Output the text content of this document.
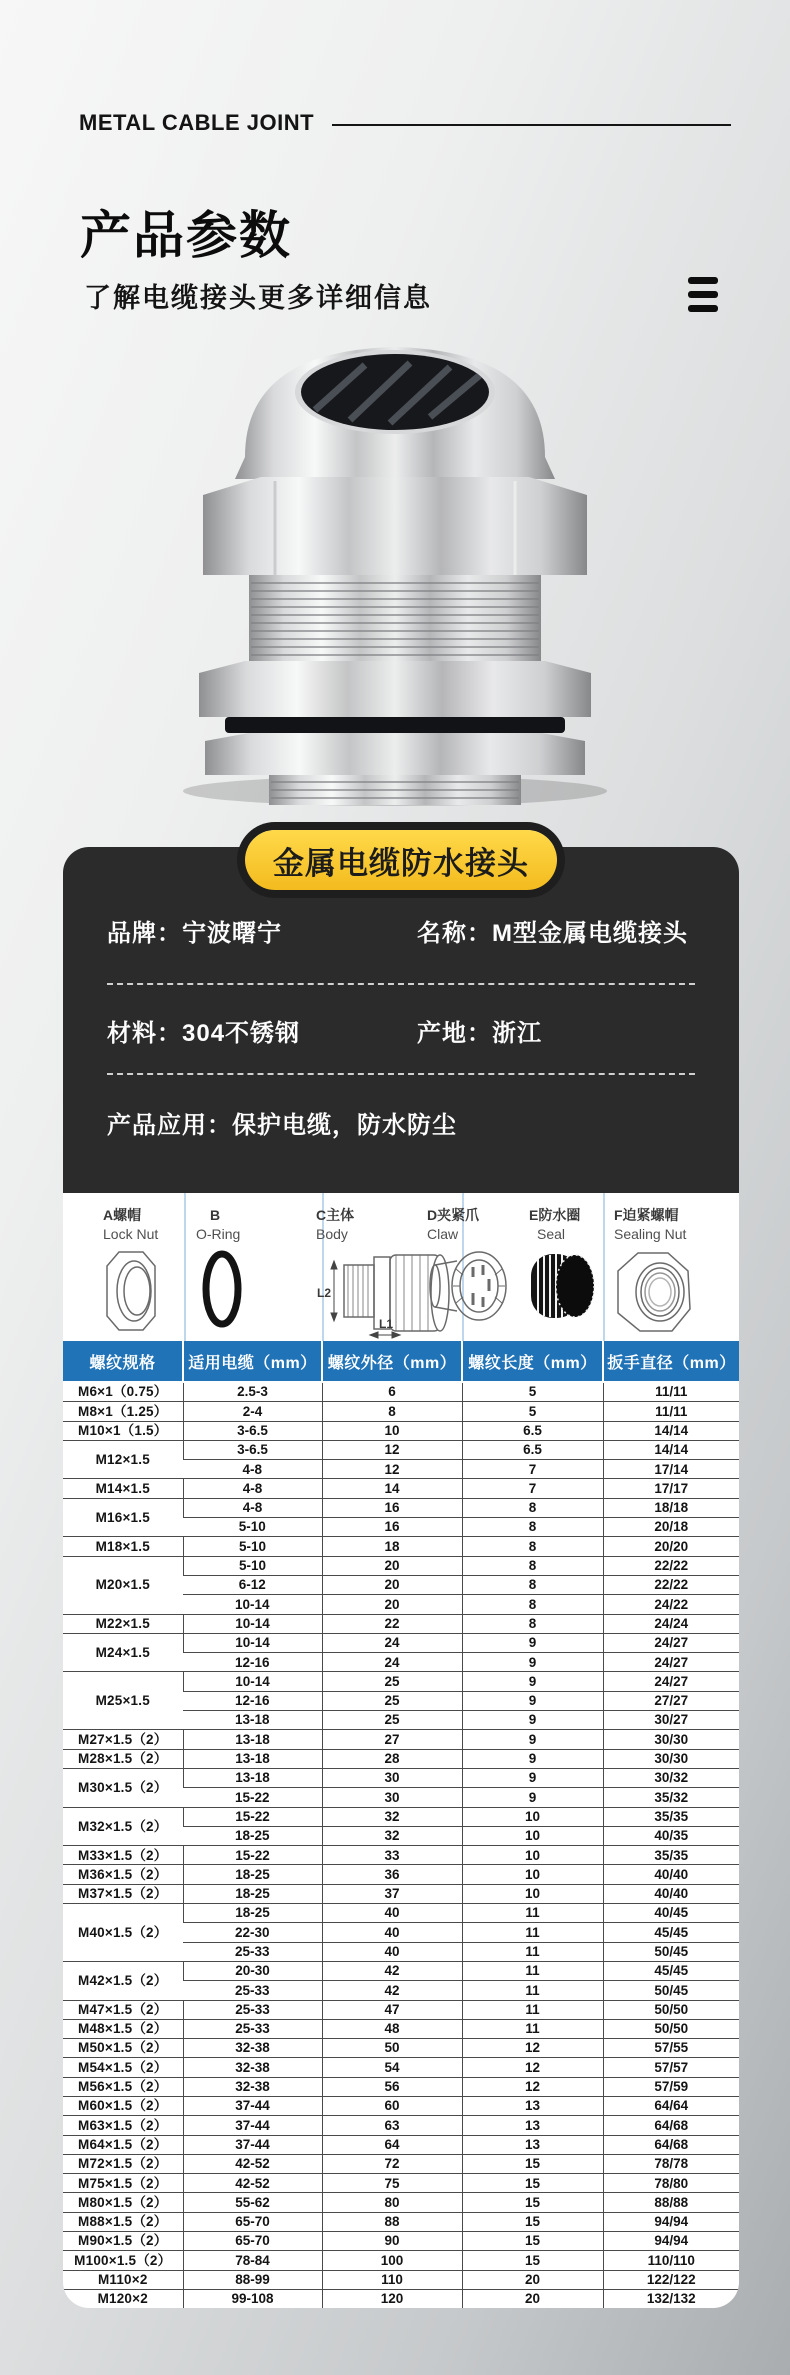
METAL CABLE JOINT
产品参数
了解电缆接头更多详细信息
金属电缆防水接头
品牌：宁波曙宁	名称：M型金属电缆接头
材料：304不锈钢	产地：浙江
产品应用：保护电缆，防水防尘
A螺帽
Lock Nut
B
O-Ring
C主体
Body
L2
L1
D夹紧爪
Claw
E防水圈
Seal
F迫紧螺帽
Sealing Nut
螺纹规格	适用电缆（mm）	螺纹外径（mm）	螺纹长度（mm）	扳手直径（mm）
M6×1（0.75）	2.5-3	6	5	11/11
M8×1（1.25）	2-4	8	5	11/11
M10×1（1.5）	3-6.5	10	6.5	14/14
M12×1.5	3-6.5	12	6.5	14/14
	4-8	12	7	17/14
M14×1.5	4-8	14	7	17/17
M16×1.5	4-8	16	8	18/18
	5-10	16	8	20/18
M18×1.5	5-10	18	8	20/20
M20×1.5	5-10	20	8	22/22
	6-12	20	8	22/22
	10-14	20	8	24/22
M22×1.5	10-14	22	8	24/24
M24×1.5	10-14	24	9	24/27
	12-16	24	9	24/27
M25×1.5	10-14	25	9	24/27
	12-16	25	9	27/27
	13-18	25	9	30/27
M27×1.5（2）	13-18	27	9	30/30
M28×1.5（2）	13-18	28	9	30/30
M30×1.5（2）	13-18	30	9	30/32
	15-22	30	9	35/32
M32×1.5（2）	15-22	32	10	35/35
	18-25	32	10	40/35
M33×1.5（2）	15-22	33	10	35/35
M36×1.5（2）	18-25	36	10	40/40
M37×1.5（2）	18-25	37	10	40/40
M40×1.5（2）	18-25	40	11	40/45
	22-30	40	11	45/45
	25-33	40	11	50/45
M42×1.5（2）	20-30	42	11	45/45
	25-33	42	11	50/45
M47×1.5（2）	25-33	47	11	50/50
M48×1.5（2）	25-33	48	11	50/50
M50×1.5（2）	32-38	50	12	57/55
M54×1.5（2）	32-38	54	12	57/57
M56×1.5（2）	32-38	56	12	57/59
M60×1.5（2）	37-44	60	13	64/64
M63×1.5（2）	37-44	63	13	64/68
M64×1.5（2）	37-44	64	13	64/68
M72×1.5（2）	42-52	72	15	78/78
M75×1.5（2）	42-52	75	15	78/80
M80×1.5（2）	55-62	80	15	88/88
M88×1.5（2）	65-70	88	15	94/94
M90×1.5（2）	65-70	90	15	94/94
M100×1.5（2）	78-84	100	15	110/110
M110×2	88-99	110	20	122/122
M120×2	99-108	120	20	132/132
